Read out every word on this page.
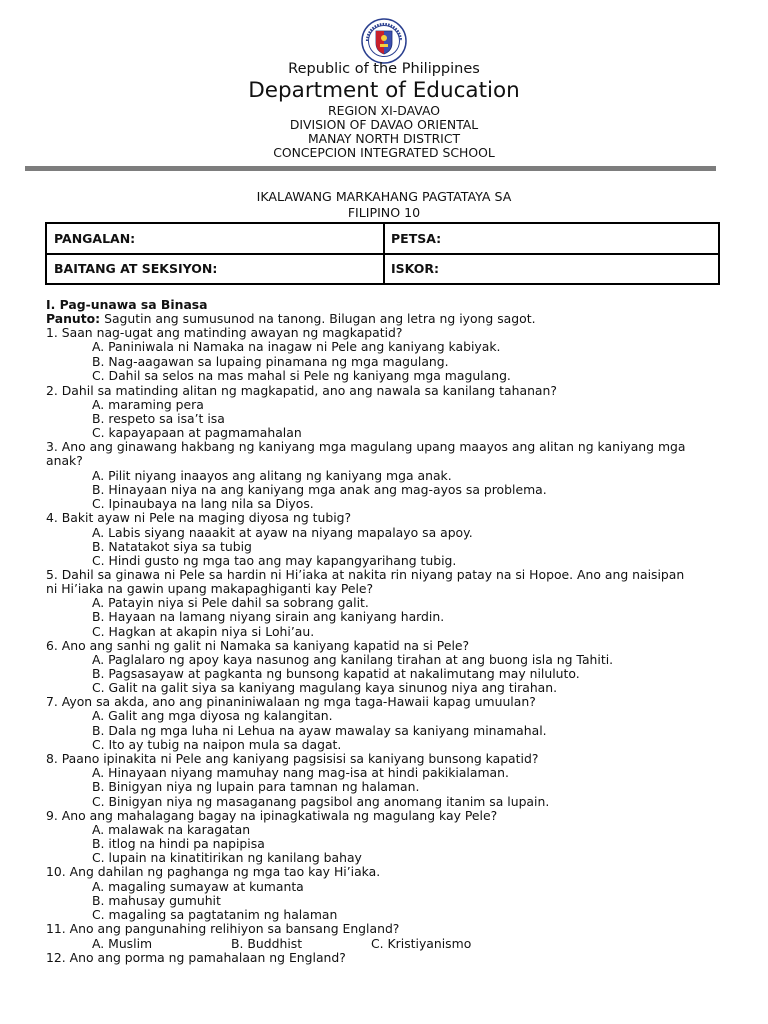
Republic of the Philippines
Department of Education
REGION XI-DAVAO
DIVISION OF DAVAO ORIENTAL
MANAY NORTH DISTRICT
CONCEPCION INTEGRATED SCHOOL
IKALAWANG MARKAHANG PAGTATAYA SA
FILIPINO 10
PANGALAN:	PETSA:
BAITANG AT SEKSIYON:	ISKOR:
I. Pag-unawa sa Binasa
Panuto: Sagutin ang sumusunod na tanong. Bilugan ang letra ng iyong sagot.
1. Saan nag-ugat ang matinding awayan ng magkapatid?
A. Paniniwala ni Namaka na inagaw ni Pele ang kaniyang kabiyak.
B. Nag-aagawan sa lupaing pinamana ng mga magulang.
C. Dahil sa selos na mas mahal si Pele ng kaniyang mga magulang.
2. Dahil sa matinding alitan ng magkapatid, ano ang nawala sa kanilang tahanan?
A. maraming pera
B. respeto sa isa’t isa
C. kapayapaan at pagmamahalan
3. Ano ang ginawang hakbang ng kaniyang mga magulang upang maayos ang alitan ng kaniyang mga
anak?
A. Pilit niyang inaayos ang alitang ng kaniyang mga anak.
B. Hinayaan niya na ang kaniyang mga anak ang mag-ayos sa problema.
C. Ipinaubaya na lang nila sa Diyos.
4. Bakit ayaw ni Pele na maging diyosa ng tubig?
A. Labis siyang naaakit at ayaw na niyang mapalayo sa apoy.
B. Natatakot siya sa tubig
C. Hindi gusto ng mga tao ang may kapangyarihang tubig.
5. Dahil sa ginawa ni Pele sa hardin ni Hi’iaka at nakita rin niyang patay na si Hopoe. Ano ang naisipan
ni Hi’iaka na gawin upang makapaghiganti kay Pele?
A. Patayin niya si Pele dahil sa sobrang galit.
B. Hayaan na lamang niyang sirain ang kaniyang hardin.
C. Hagkan at akapin niya si Lohi’au.
6. Ano ang sanhi ng galit ni Namaka sa kaniyang kapatid na si Pele?
A. Paglalaro ng apoy kaya nasunog ang kanilang tirahan at ang buong isla ng Tahiti.
B. Pagsasayaw at pagkanta ng bunsong kapatid at nakalimutang may niluluto.
C. Galit na galit siya sa kaniyang magulang kaya sinunog niya ang tirahan.
7. Ayon sa akda, ano ang pinaniniwalaan ng mga taga-Hawaii kapag umuulan?
A. Galit ang mga diyosa ng kalangitan.
B. Dala ng mga luha ni Lehua na ayaw mawalay sa kaniyang minamahal.
C. Ito ay tubig na naipon mula sa dagat.
8. Paano ipinakita ni Pele ang kaniyang pagsisisi sa kaniyang bunsong kapatid?
A. Hinayaan niyang mamuhay nang mag-isa at hindi pakikialaman.
B. Binigyan niya ng lupain para tamnan ng halaman.
C. Binigyan niya ng masaganang pagsibol ang anomang itanim sa lupain.
9. Ano ang mahalagang bagay na ipinagkatiwala ng magulang kay Pele?
A. malawak na karagatan
B. itlog na hindi pa napipisa
C. lupain na kinatitirikan ng kanilang bahay
10. Ang dahilan ng paghanga ng mga tao kay Hi’iaka.
A. magaling sumayaw at kumanta
B. mahusay gumuhit
C. magaling sa pagtatanim ng halaman
11. Ano ang pangunahing relihiyon sa bansang England?
A. Muslim	B. Buddhist	C. Kristiyanismo
12. Ano ang porma ng pamahalaan ng England?
